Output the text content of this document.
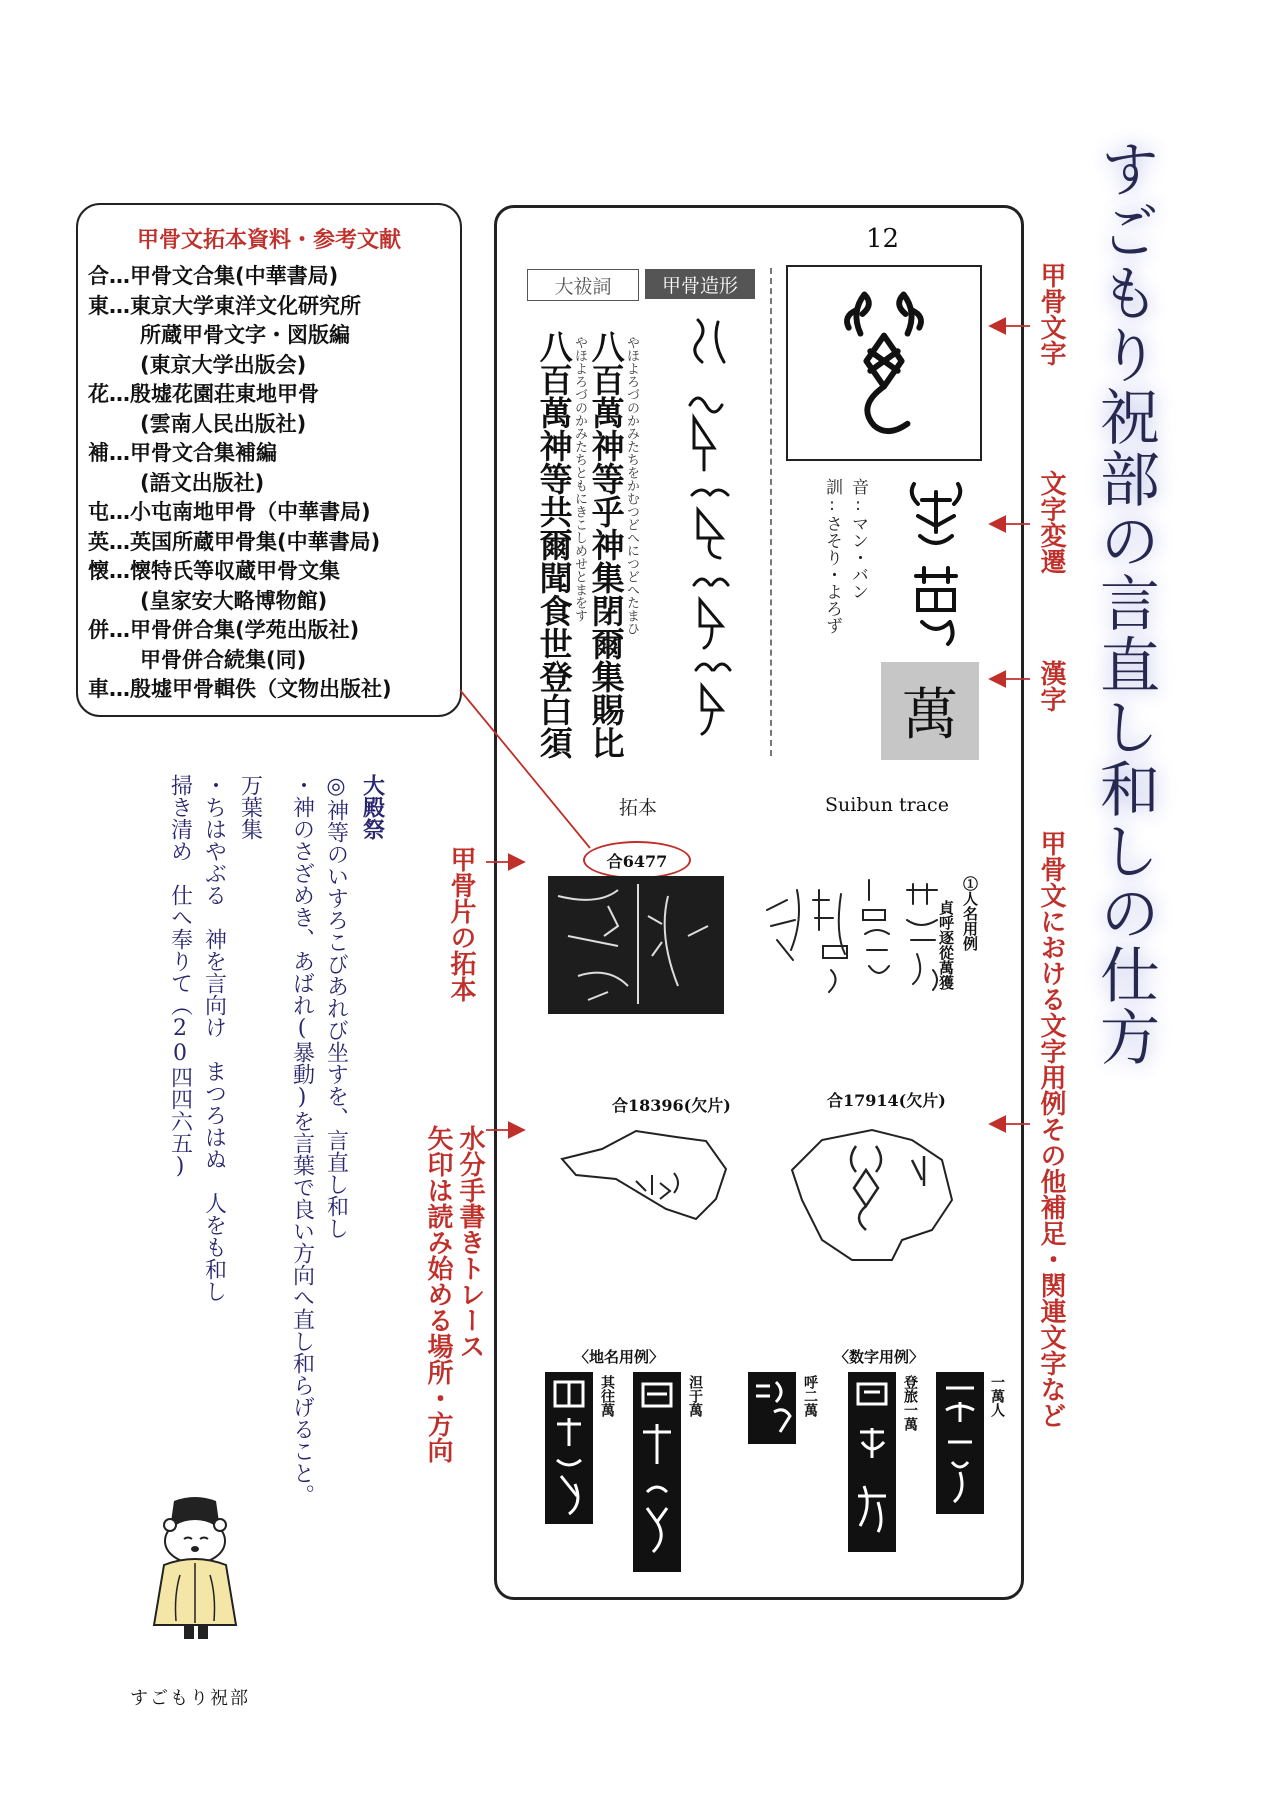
すごもり祝部の言直し和しの仕方
甲骨文拓本資料・参考文献
合…甲骨文合集(中華書局)
東…東京大学東洋文化研究所
所蔵甲骨文字・図版編
(東京大学出版会)
花…殷墟花園荘東地甲骨
(雲南人民出版社)
補…甲骨文合集補編
(語文出版社)
屯…小屯南地甲骨（中華書局)
英…英国所蔵甲骨集(中華書局)
懐…懐特氏等収蔵甲骨文集
(皇家安大略博物館)
併…甲骨併合集(学苑出版社)
甲骨併合続集(同)
車…殷墟甲骨輯佚（文物出版社)
12
大祓詞	甲骨造形
八百萬神等乎神集閉爾集賜比
八百萬神等共爾聞食世登白須	やほよろづのかみたちをかむつどへにつどへたまひ
やほよろづのかみたちともにきこしめせとまをす	音:マン・バン
訓:さそり・よろず
萬
拓本	Suibun trace
合6477
①人名用例
貞呼逐從萬獲
合18396(欠片)	合17914(欠片)
〈地名用例〉	〈数字用例〉
其往萬	泹于萬	呼二萬	登旅一萬	一萬人
甲骨文字
文字変遷
漢字
甲骨文における文字用例その他補足・関連文字など
甲骨片の拓本
水分手書きトレース
矢印は読み始める場所・方向
大殿祭
◎神等のいすろこびあれび坐すを、言直し和し
・神のさざめき、あばれ(暴動)を言葉で良い方向へ直し和らげること。
万葉集
・ちはやぶる　神を言向け　まつろはぬ　人をも和し
掃き清め　仕へ奉りて（20四四六五)
すごもり祝部
